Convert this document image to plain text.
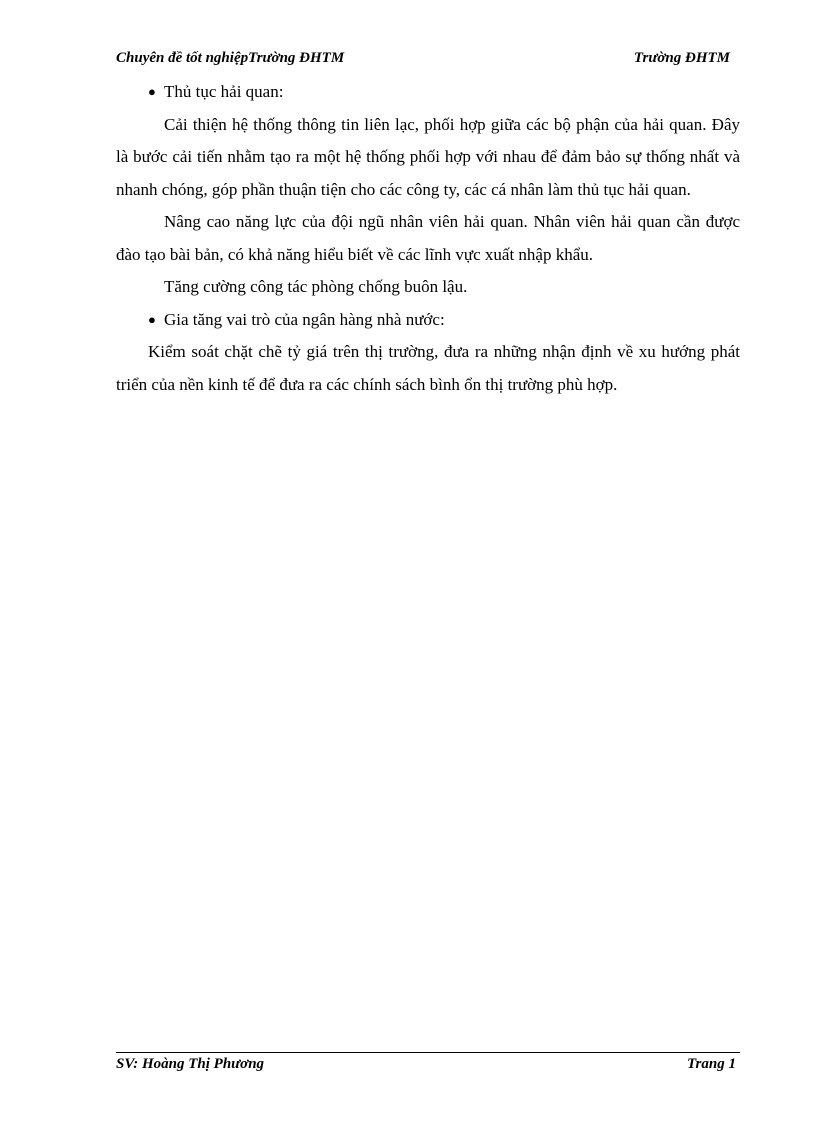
Chuyên đề tốt nghiệpTrường ĐHTM	Trường ĐHTM

● Thủ tục hải quan:

Cải thiện hệ thống thông tin liên lạc, phối hợp giữa các bộ phận của hải quan. Đây là bước cải tiến nhằm tạo ra một hệ thống phối hợp với nhau để đảm bảo sự thống nhất và nhanh chóng, góp phần thuận tiện cho các công ty, các cá nhân làm thủ tục hải quan.

Nâng cao năng lực của đội ngũ nhân viên hải quan. Nhân viên hải quan cần được đào tạo bài bản, có khả năng hiểu biết về các lĩnh vực xuất nhập khẩu.

Tăng cường công tác phòng chống buôn lậu.

● Gia tăng vai trò của ngân hàng nhà nước:

Kiểm soát chặt chẽ tỷ giá trên thị trường, đưa ra những nhận định về xu hướng phát triển của nền kinh tế để đưa ra các chính sách bình ổn thị trường phù hợp.

SV: Hoàng Thị Phương	Trang 1
